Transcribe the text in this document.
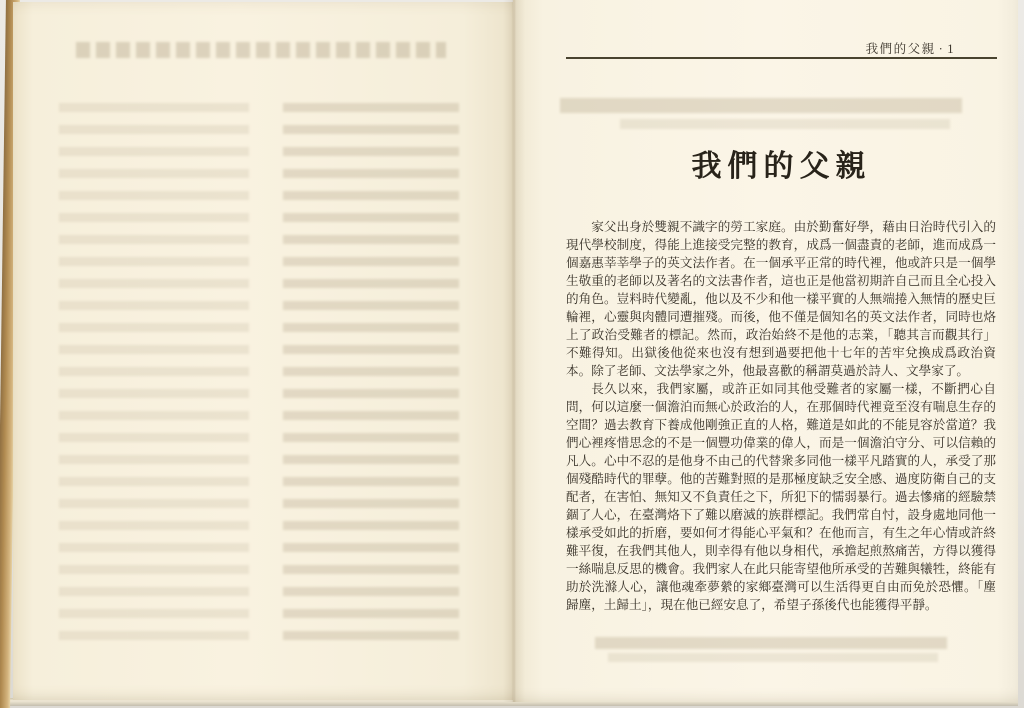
我們的父親 · 1
我們的父親

家父出身於雙親不識字的勞工家庭。由於勤奮好學，藉由日治時代引入的現代學校制度，得能上進接受完整的教育，成爲一個盡責的老師，進而成爲一個嘉惠莘莘學子的英文法作者。在一個承平正常的時代裡，他或許只是一個學生敬重的老師以及著名的文法書作者，這也正是他當初期許自己而且全心投入的角色。豈料時代變亂，他以及不少和他一樣平實的人無端捲入無情的歷史巨輪裡，心靈與肉體同遭摧殘。而後，他不僅是個知名的英文法作者，同時也烙上了政治受難者的標記。然而，政治始終不是他的志業，「聽其言而觀其行」不難得知。出獄後他從來也沒有想到過要把他十七年的苦牢兌換成爲政治資本。除了老師、文法學家之外，他最喜歡的稱謂莫過於詩人、文學家了。

長久以來，我們家屬，或許正如同其他受難者的家屬一樣，不斷捫心自問，何以這麼一個澹泊而無心於政治的人，在那個時代裡竟至沒有喘息生存的空間？過去教育下養成他剛強正直的人格，難道是如此的不能見容於當道？我們心裡疼惜思念的不是一個豐功偉業的偉人，而是一個澹泊守分、可以信賴的凡人。心中不忍的是他身不由己的代替衆多同他一樣平凡踏實的人，承受了那個殘酷時代的罪孽。他的苦難對照的是那極度缺乏安全感、過度防衛自己的支配者，在害怕、無知又不負責任之下，所犯下的懦弱暴行。過去慘痛的經驗禁錮了人心，在臺灣烙下了難以磨滅的族群標記。我們常自忖，設身處地同他一樣承受如此的折磨，要如何才得能心平氣和？在他而言，有生之年心情或許終難平復，在我們其他人，則幸得有他以身相代，承擔起煎熬痛苦，方得以獲得一絲喘息反思的機會。我們家人在此只能寄望他所承受的苦難與犧牲，終能有助於洗滌人心，讓他魂牽夢縈的家鄉臺灣可以生活得更自由而免於恐懼。「塵歸塵，土歸土」，現在他已經安息了，希望子孫後代也能獲得平靜。
